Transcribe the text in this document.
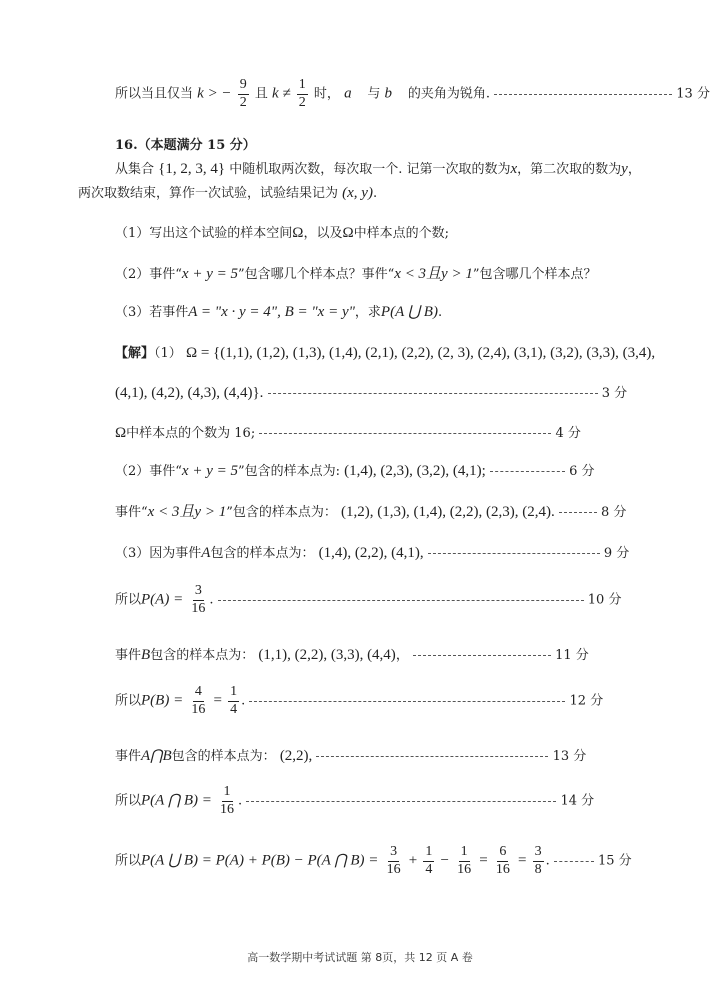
所以当且仅当 k > − $\frac{9}{2}$ 且 $k \ne \frac{1}{2}$ 时， a⃗ 与 b⃗ 的夹角为锐角.	13 分
16.（本题满分 15 分）
从集合 {1, 2, 3, 4} 中随机取两次数，每次取一个. 记第一次取的数为x，第二次取的数为y，
两次取数结束，算作一次试验，试验结果记为 (x, y).
（1）写出这个试验的样本空间Ω，以及Ω中样本点的个数;
（2）事件“x + y = 5”包含哪几个样本点？事件“x < 3且y > 1”包含哪几个样本点？
（3）若事件A = "x · y = 4", B = "x = y"，求P(A ⋃ B).
【解】（1） Ω = {(1,1), (1,2), (1,3), (1,4), (2,1), (2,2), (2, 3), (2,4), (3,1), (3,2), (3,3), (3,4),
(4,1), (4,2), (4,3), (4,4)}.	3 分
Ω中样本点的个数为 16;	4 分
（2）事件“x + y = 5”包含的样本点为: (1,4), (2,3), (3,2), (4,1);	6 分
事件“x < 3且y > 1”包含的样本点为： (1,2), (1,3), (1,4), (2,2), (2,3), (2,4).	8 分
（3）因为事件A包含的样本点为： (1,4), (2,2), (4,1),	9 分
所以$P(A) = \frac{3}{16}$ .	10 分
事件B包含的样本点为： (1,1), (2,2), (3,3), (4,4)，	11 分
所以$P(B) = \frac{4}{16} = \frac{1}{4}$ .	12 分
事件A⋂B包含的样本点为： (2,2),	13 分
所以P(A ⋂ $B) = \frac{1}{16}$ .	14 分
所以P(A ⋃ B) = P(A) + P(B) − P(A ⋂ $B) = \frac{3}{16} + \frac{1}{4} - \frac{1}{16} = \frac{6}{16} = \frac{3}{8}$ .	15 分
高一数学期中考试试题 第 8页，共 12 页 A 卷
